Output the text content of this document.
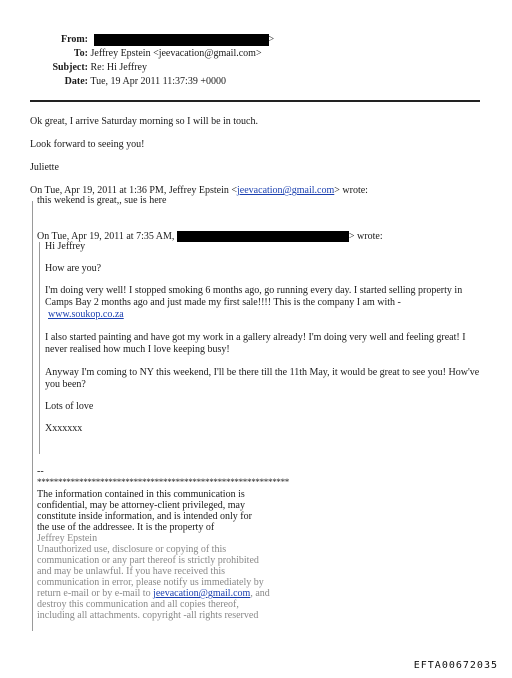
From:	>
To: Jeffrey Epstein <jeevacation@gmail.com>
Subject: Re: Hi Jeffrey
Date: Tue, 19 Apr 2011 11:37:39 +0000
Ok great, I arrive Saturday morning so I will be in touch.
Look forward to seeing you!
Juliette
On Tue, Apr 19, 2011 at 1:36 PM, Jeffrey Epstein <jeevacation@gmail.com> wrote:
this wekend is great,, sue is here
On Tue, Apr 19, 2011 at 7:35 AM,	> wrote:
Hi Jeffrey
How are you?
I'm doing very well! I stopped smoking 6 months ago, go running every day. I started selling property in
Camps Bay 2 months ago and just made my first sale!!!! This is the company I am with -
www.soukop.co.za
I also started painting and have got my work in a gallery already! I'm doing very well and feeling great! I
never realised how much I love keeping busy!
Anyway I'm coming to NY this weekend, I'll be there till the 11th May, it would be great to see you! How've
you been?
Lots of love
Xxxxxxx
--
************************************************************
The information contained in this communication is
confidential, may be attorney-client privileged, may
constitute inside information, and is intended only for
the use of the addressee. It is the property of
Jeffrey Epstein
Unauthorized use, disclosure or copying of this
communication or any part thereof is strictly prohibited
and may be unlawful. If you have received this
communication in error, please notify us immediately by
return e-mail or by e-mail to jeevacation@gmail.com, and
destroy this communication and all copies thereof,
including all attachments. copyright -all rights reserved
EFTA00672035
